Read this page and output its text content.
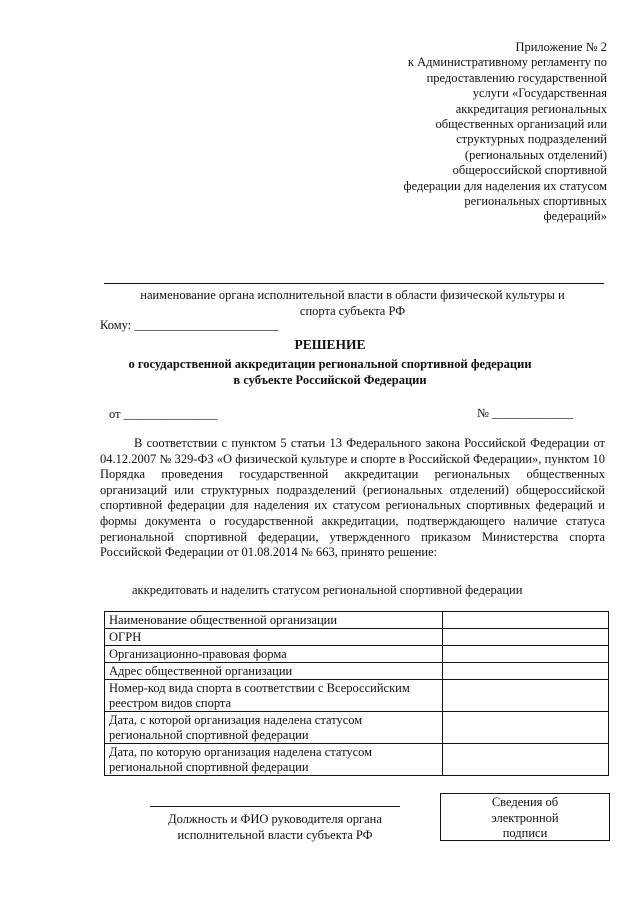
Приложение № 2
к Административному регламенту по
предоставлению государственной
услуги «Государственная
аккредитация региональных
общественных организаций или
структурных подразделений
(региональных отделений)
общероссийской спортивной
федерации для наделения их статусом
региональных спортивных
федераций»
наименование органа исполнительной власти в области физической культуры и
спорта субъекта РФ
Кому: _______________________
РЕШЕНИЕ
о государственной аккредитации региональной спортивной федерации
в субъекте Российской Федерации
от _______________	№ _____________

В соответствии с пунктом 5 статьи 13 Федерального закона Российской Федерации от 04.12.2007 № 329-ФЗ «О физической культуре и спорте в Российской Федерации», пунктом 10 Порядка проведения государственной аккредитации региональных общественных организаций или структурных подразделений (региональных отделений) общероссийской спортивной федерации для наделения их статусом региональных спортивных федераций и формы документа о государственной аккредитации, подтверждающего наличие статуса региональной спортивной федерации, утвержденного приказом Министерства спорта Российской Федерации от 01.08.2014 № 663, принято решение:

аккредитовать и наделить статусом региональной спортивной федерации
Наименование общественной организации	
ОГРН	
Организационно-правовая форма	
Адрес общественной организации	
Номер-код вида спорта в соответствии с Всероссийским реестром видов спорта	
Дата, с которой организация наделена статусом региональной спортивной федерации	
Дата, по которую организация наделена статусом региональной спортивной федерации	
Должность и ФИО руководителя органа
исполнительной власти субъекта РФ
Сведения об
электронной
подписи
